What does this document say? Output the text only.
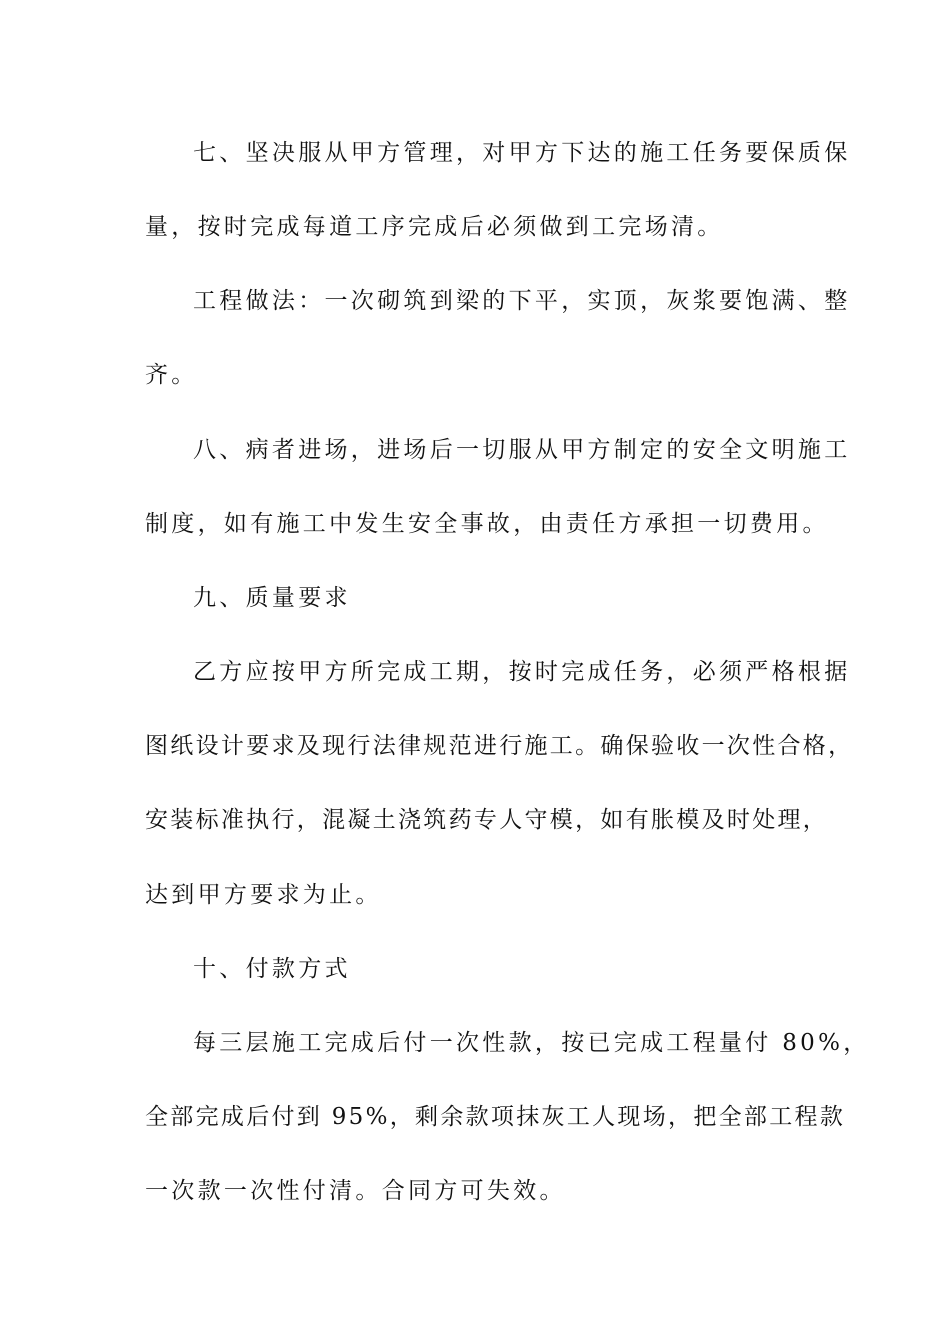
七、坚决服从甲方管理，对甲方下达的施工任务要保质保
量，按时完成每道工序完成后必须做到工完场清。
工程做法：一次砌筑到梁的下平，实顶，灰浆要饱满、整
齐。
八、病者进场，进场后一切服从甲方制定的安全文明施工
制度，如有施工中发生安全事故，由责任方承担一切费用。
九、质量要求
乙方应按甲方所完成工期，按时完成任务，必须严格根据
图纸设计要求及现行法律规范进行施工。确保验收一次性合格，
安装标准执行，混凝土浇筑药专人守模，如有胀模及时处理，
达到甲方要求为止。
十、付款方式
每三层施工完成后付一次性款，按已完成工程量付 80%，
全部完成后付到 95%，剩余款项抹灰工人现场，把全部工程款
一次款一次性付清。合同方可失效。
